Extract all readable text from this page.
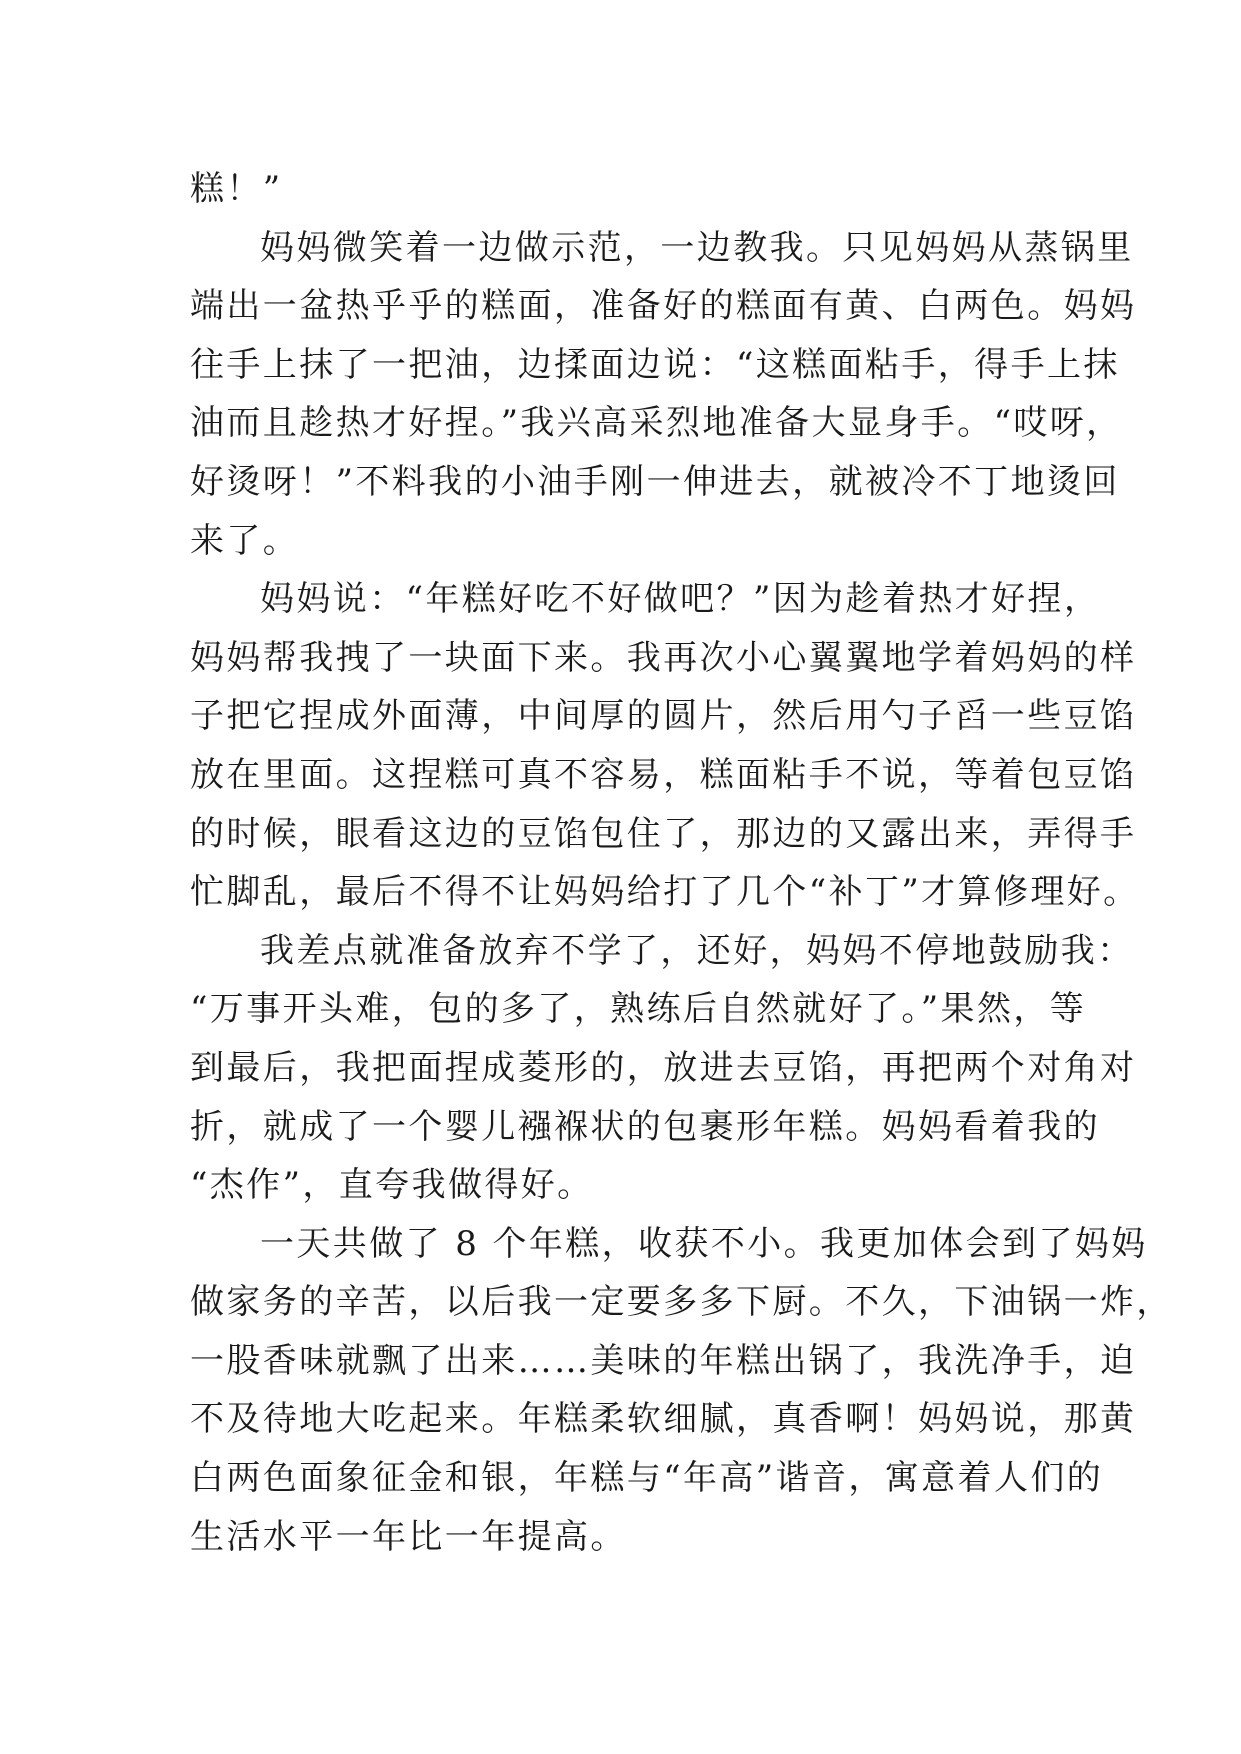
糕！”
妈妈微笑着一边做示范，一边教我。只见妈妈从蒸锅里
端出一盆热乎乎的糕面，准备好的糕面有黄、白两色。妈妈
往手上抹了一把油，边揉面边说：“这糕面粘手，得手上抹
油而且趁热才好捏。”我兴高采烈地准备大显身手。“哎呀，
好烫呀！”不料我的小油手刚一伸进去，就被冷不丁地烫回
来了。
妈妈说：“年糕好吃不好做吧？”因为趁着热才好捏，
妈妈帮我拽了一块面下来。我再次小心翼翼地学着妈妈的样
子把它捏成外面薄，中间厚的圆片，然后用勺子舀一些豆馅
放在里面。这捏糕可真不容易，糕面粘手不说，等着包豆馅
的时候，眼看这边的豆馅包住了，那边的又露出来，弄得手
忙脚乱，最后不得不让妈妈给打了几个“补丁”才算修理好。
我差点就准备放弃不学了，还好，妈妈不停地鼓励我：
“万事开头难，包的多了，熟练后自然就好了。”果然，等
到最后，我把面捏成菱形的，放进去豆馅，再把两个对角对
折，就成了一个婴儿襁褓状的包裹形年糕。妈妈看着我的
“杰作”，直夸我做得好。
一天共做了 8 个年糕，收获不小。我更加体会到了妈妈
做家务的辛苦，以后我一定要多多下厨。不久，下油锅一炸，
一股香味就飘了出来……美味的年糕出锅了，我洗净手，迫
不及待地大吃起来。年糕柔软细腻，真香啊！妈妈说，那黄
白两色面象征金和银，年糕与“年高”谐音，寓意着人们的
生活水平一年比一年提高。
